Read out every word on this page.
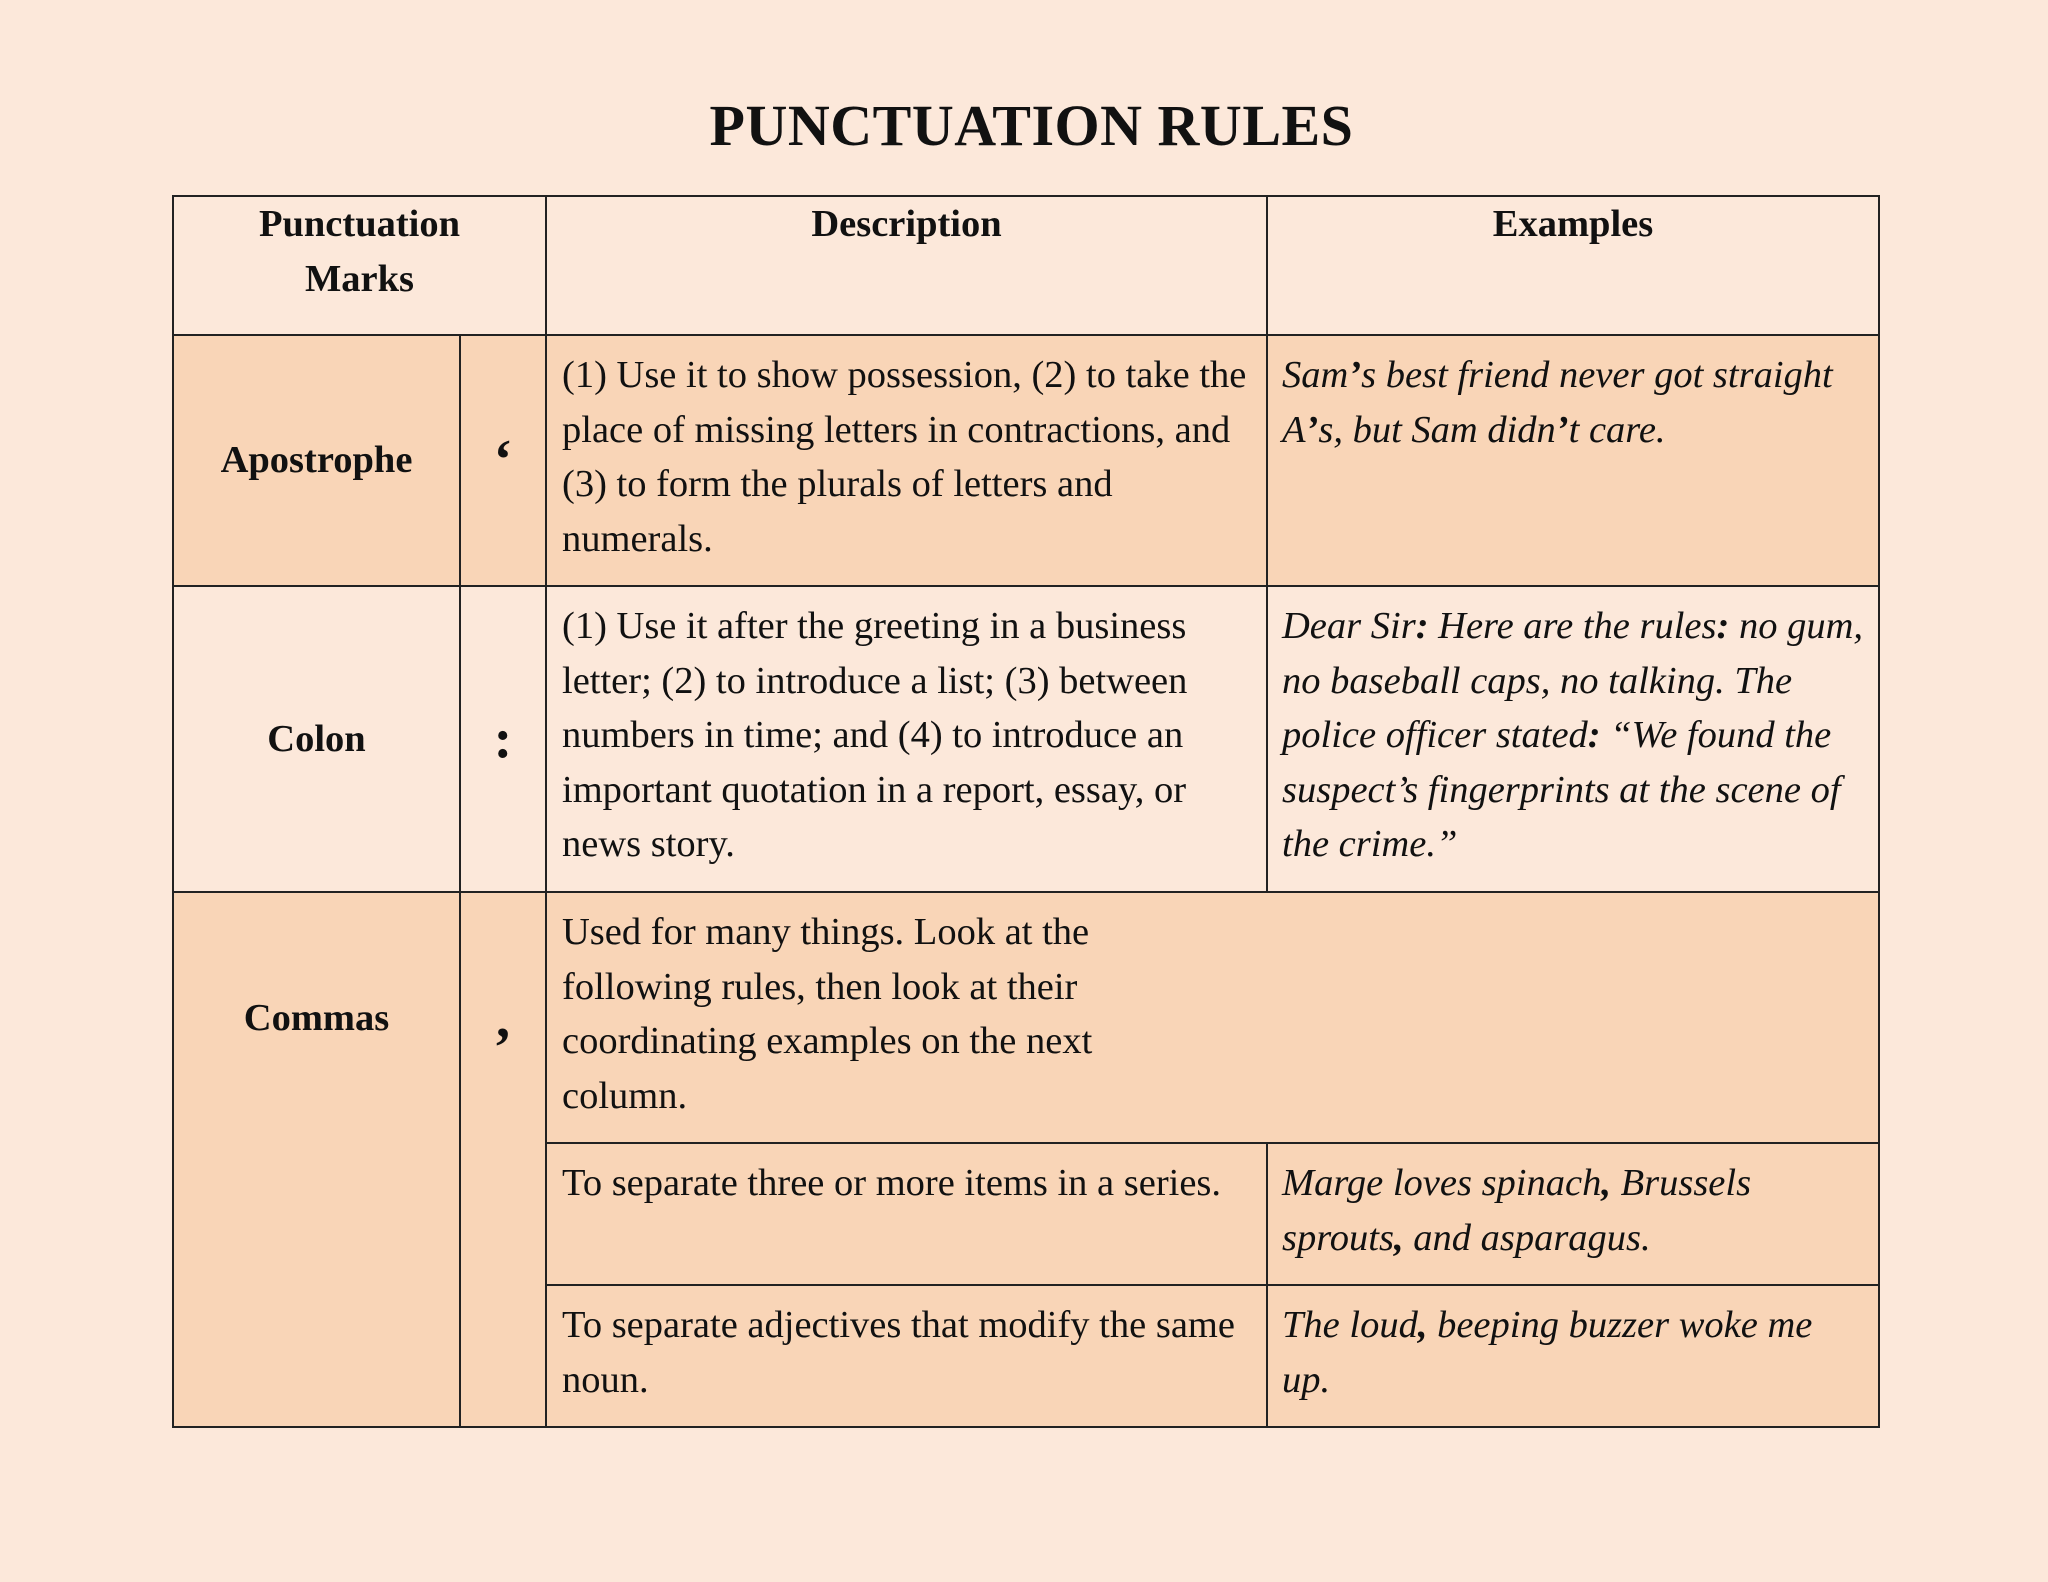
PUNCTUATION RULES
Punctuation Marks		Description	Examples
Apostrophe	‘	(1) Use it to show possession, (2) to take the place of missing letters in contractions, and (3) to form the plurals of letters and numerals.	Sam’s best friend never got straight A’s, but Sam didn’t care.
Colon	:	(1) Use it after the greeting in a business letter; (2) to introduce a list; (3) between numbers in time; and (4) to introduce an important quotation in a report, essay, or news story.	Dear Sir: Here are the rules: no gum, no baseball caps, no talking. The police officer stated: “We found the suspect’s fingerprints at the scene of the crime.”
Commas	,	Used for many things. Look at the following rules, then look at their coordinating examples on the next column.	
		To separate three or more items in a series.	Marge loves spinach, Brussels sprouts, and asparagus.
		To separate adjectives that modify the same noun.	The loud, beeping buzzer woke me up.
